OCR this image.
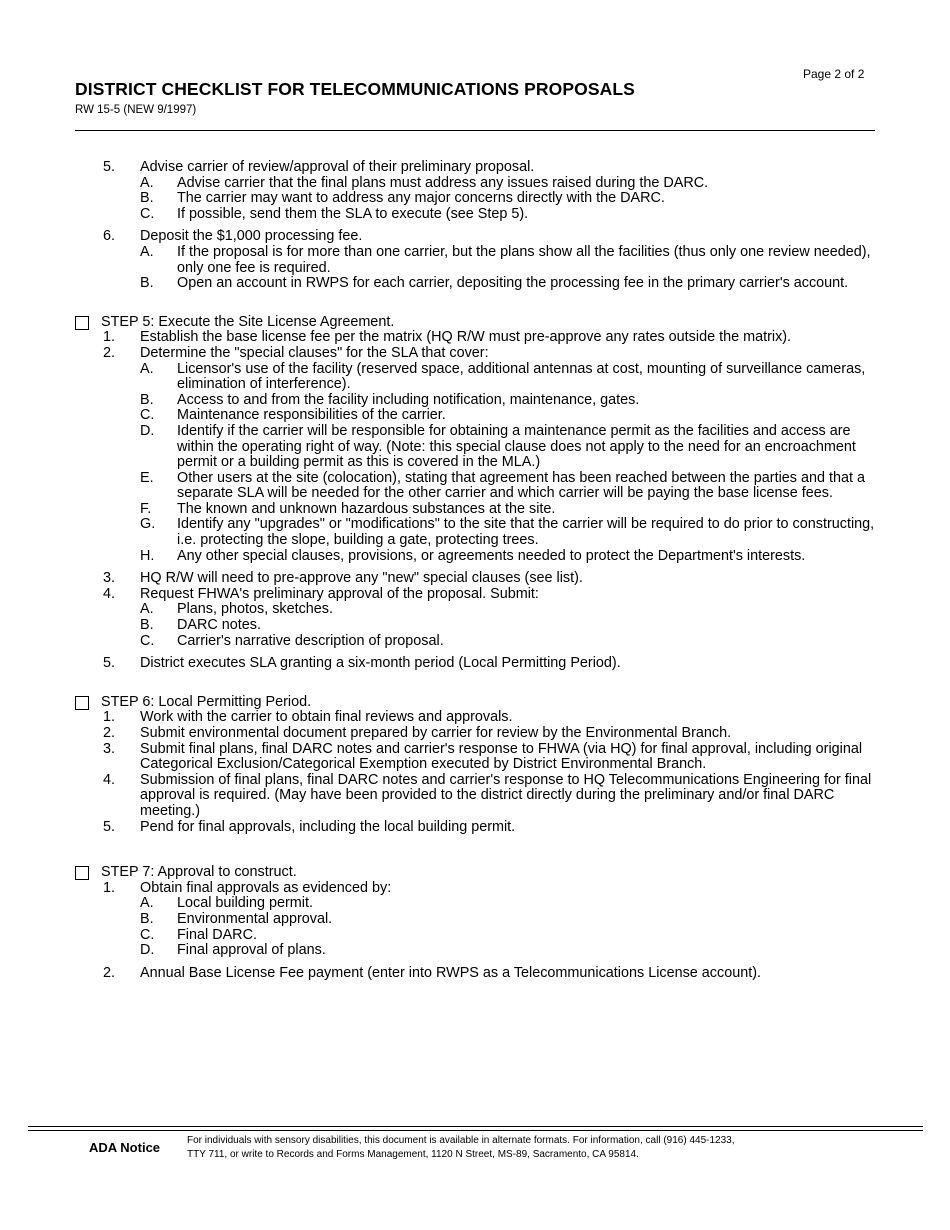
DISTRICT CHECKLIST FOR TELECOMMUNICATIONS PROPOSALS
RW 15-5 (NEW 9/1997)
Page 2 of 2
5.	Advise carrier of review/approval of their preliminary proposal.
A.	Advise carrier that the final plans must address any issues raised during the DARC.
B.	The carrier may want to address any major concerns directly with the DARC.
C.	If possible, send them the SLA to execute (see Step 5).
6.	Deposit the $1,000 processing fee.
A.	If the proposal is for more than one carrier, but the plans show all the facilities (thus only one review needed), only one fee is required.
B.	Open an account in RWPS for each carrier, depositing the processing fee in the primary carrier's account.
STEP 5: Execute the Site License Agreement.
1.	Establish the base license fee per the matrix (HQ R/W must pre-approve any rates outside the matrix).
2.	Determine the "special clauses" for the SLA that cover:
A.	Licensor's use of the facility (reserved space, additional antennas at cost, mounting of surveillance cameras, elimination of interference).
B.	Access to and from the facility including notification, maintenance, gates.
C.	Maintenance responsibilities of the carrier.
D.	Identify if the carrier will be responsible for obtaining a maintenance permit as the facilities and access are within the operating right of way. (Note: this special clause does not apply to the need for an encroachment permit or a building permit as this is covered in the MLA.)
E.	Other users at the site (colocation), stating that agreement has been reached between the parties and that a separate SLA will be needed for the other carrier and which carrier will be paying the base license fees.
F.	The known and unknown hazardous substances at the site.
G.	Identify any "upgrades" or "modifications" to the site that the carrier will be required to do prior to constructing, i.e. protecting the slope, building a gate, protecting trees.
H.	Any other special clauses, provisions, or agreements needed to protect the Department's interests.
3.	HQ R/W will need to pre-approve any "new" special clauses (see list).
4.	Request FHWA's preliminary approval of the proposal. Submit:
A.	Plans, photos, sketches.
B.	DARC notes.
C.	Carrier's narrative description of proposal.
5.	District executes SLA granting a six-month period (Local Permitting Period).
STEP 6: Local Permitting Period.
1.	Work with the carrier to obtain final reviews and approvals.
2.	Submit environmental document prepared by carrier for review by the Environmental Branch.
3.	Submit final plans, final DARC notes and carrier's response to FHWA (via HQ) for final approval, including original Categorical Exclusion/Categorical Exemption executed by District Environmental Branch.
4.	Submission of final plans, final DARC notes and carrier's response to HQ Telecommunications Engineering for final approval is required. (May have been provided to the district directly during the preliminary and/or final DARC meeting.)
5.	Pend for final approvals, including the local building permit.
STEP 7: Approval to construct.
1.	Obtain final approvals as evidenced by:
A.	Local building permit.
B.	Environmental approval.
C.	Final DARC.
D.	Final approval of plans.
2.	Annual Base License Fee payment (enter into RWPS as a Telecommunications License account).
ADA Notice	For individuals with sensory disabilities, this document is available in alternate formats. For information, call (916) 445-1233,
TTY 711, or write to Records and Forms Management, 1120 N Street, MS-89, Sacramento, CA 95814.
